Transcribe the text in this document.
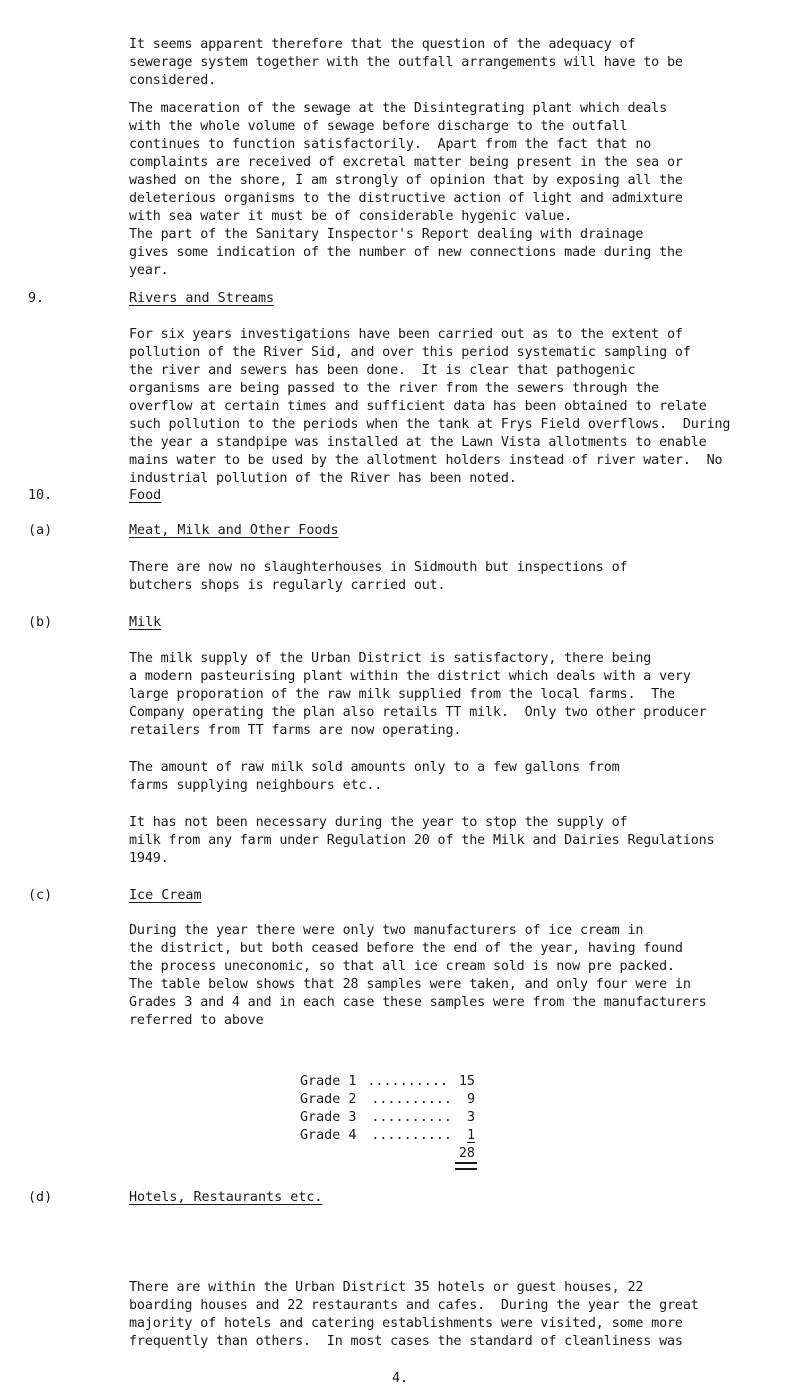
It seems apparent therefore that the question of the adequacy of
sewerage system together with the outfall arrangements will have to be
considered.
The maceration of the sewage at the Disintegrating plant which deals
with the whole volume of sewage before discharge to the outfall
continues to function satisfactorily.  Apart from the fact that no
complaints are received of excretal matter being present in the sea or
washed on the shore, I am strongly of opinion that by exposing all the
deleterious organisms to the distructive action of light and admixture
with sea water it must be of considerable hygenic value.
The part of the Sanitary Inspector's Report dealing with drainage
gives some indication of the number of new connections made during the
year.
9.	Rivers and Streams
For six years investigations have been carried out as to the extent of
pollution of the River Sid, and over this period systematic sampling of
the river and sewers has been done.  It is clear that pathogenic
organisms are being passed to the river from the sewers through the
overflow at certain times and sufficient data has been obtained to relate
such pollution to the periods when the tank at Frys Field overflows.  During
the year a standpipe was installed at the Lawn Vista allotments to enable
mains water to be used by the allotment holders instead of river water.  No
industrial pollution of the River has been noted.
10.	Food
(a)	Meat, Milk and Other Foods
There are now no slaughterhouses in Sidmouth but inspections of
butchers shops is regularly carried out.
(b)	Milk
The milk supply of the Urban District is satisfactory, there being
a modern pasteurising plant within the district which deals with a very
large proporation of the raw milk supplied from the local farms.  The
Company operating the plan also retails TT milk.  Only two other producer
retailers from TT farms are now operating.
The amount of raw milk sold amounts only to a few gallons from
farms supplying neighbours etc..
It has not been necessary during the year to stop the supply of
milk from any farm under Regulation 20 of the Milk and Dairies Regulations
1949.
(c)	Ice Cream
During the year there were only two manufacturers of ice cream in
the district, but both ceased before the end of the year, having found
the process uneconomic, so that all ice cream sold is now pre packed.
The table below shows that 28 samples were taken, and only four were in
Grades 3 and 4 and in each case these samples were from the manufacturers
referred to above
Grade 1 .......... 15
Grade 2 .......... 9
Grade 3 .......... 3
Grade 4 .......... 1
28
(d)	Hotels, Restaurants etc.
There are within the Urban District 35 hotels or guest houses, 22
boarding houses and 22 restaurants and cafes.  During the year the great
majority of hotels and catering establishments were visited, some more
frequently than others.  In most cases the standard of cleanliness was
4.
